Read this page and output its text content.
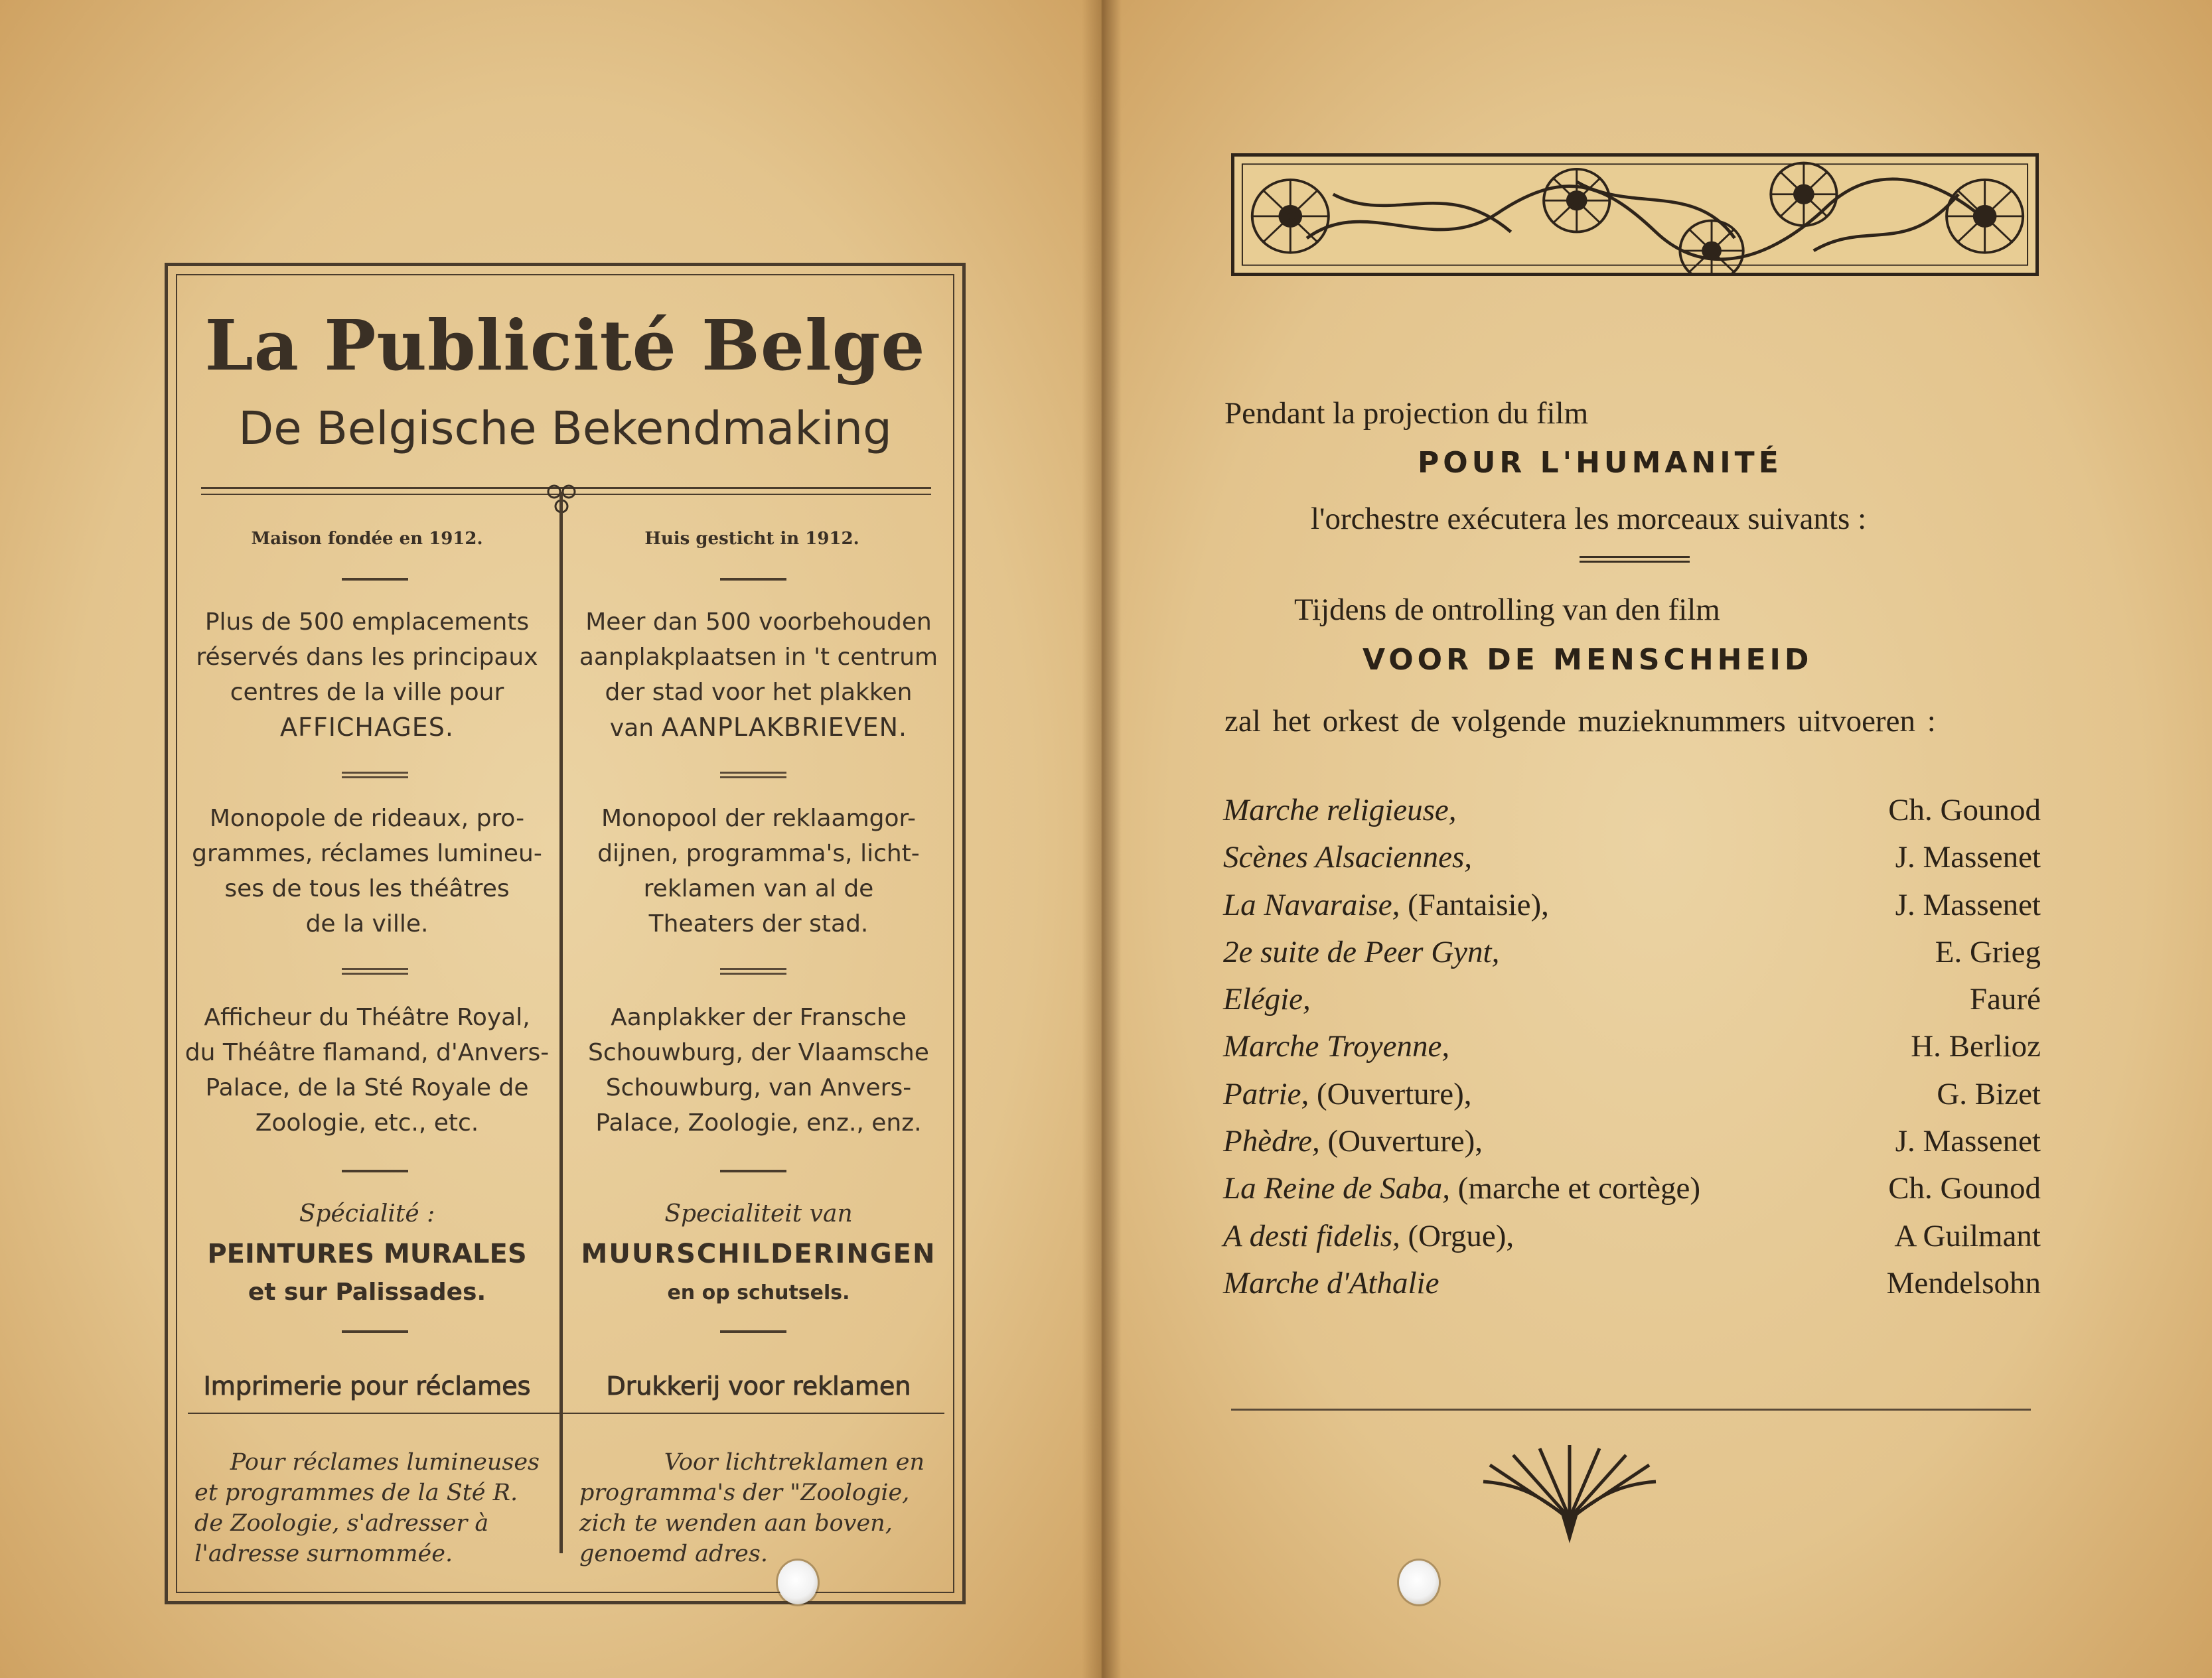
La Publicité Belge
De Belgische Bekendmaking
Maison fondée en 1912.
Plus de 500 emplacements
réservés dans les principaux
centres de la ville pour
AFFICHAGES.
Monopole de rideaux, pro-
grammes, réclames lumineu-
ses de tous les théâtres
de la ville.
Afficheur du Théâtre Royal,
du Théâtre flamand, d'Anvers-
Palace, de la Sté Royale de
Zoologie, etc., etc.
Spécialité :
PEINTURES MURALES
et sur Palissades.
Imprimerie pour réclames
Pour réclames lumineuses
et programmes de la Sté R.
de Zoologie, s'adresser à
l'adresse surnommée.
Huis gesticht in 1912.
Meer dan 500 voorbehouden
aanplakplaatsen in 't centrum
der stad voor het plakken
van AANPLAKBRIEVEN.
Monopool der reklaamgor-
dijnen, programma's, licht-
reklamen van al de
Theaters der stad.
Aanplakker der Fransche
Schouwburg, der Vlaamsche
Schouwburg, van Anvers-
Palace, Zoologie, enz., enz.
Specialiteit van
MUURSCHILDERINGEN
en op schutsels.
Drukkerij voor reklamen
Voor lichtreklamen en
programma's der "Zoologie,
zich te wenden aan boven,
genoemd adres.
Pendant la projection du film
POUR L'HUMANITÉ
l'orchestre exécutera les morceaux suivants :
Tijdens de ontrolling van den film
VOOR DE MENSCHHEID
zal het orkest de volgende muzieknummers uitvoeren :
Marche religieuse,	Ch. Gounod
Scènes Alsaciennes,	J. Massenet
La Navaraise, (Fantaisie),	J. Massenet
2e suite de Peer Gynt,	E. Grieg
Elégie,	Fauré
Marche Troyenne,	H. Berlioz
Patrie, (Ouverture),	G. Bizet
Phèdre, (Ouverture),	J. Massenet
La Reine de Saba, (marche et cortège)	Ch. Gounod
A desti fidelis, (Orgue),	A Guilmant
Marche d'Athalie	Mendelsohn
